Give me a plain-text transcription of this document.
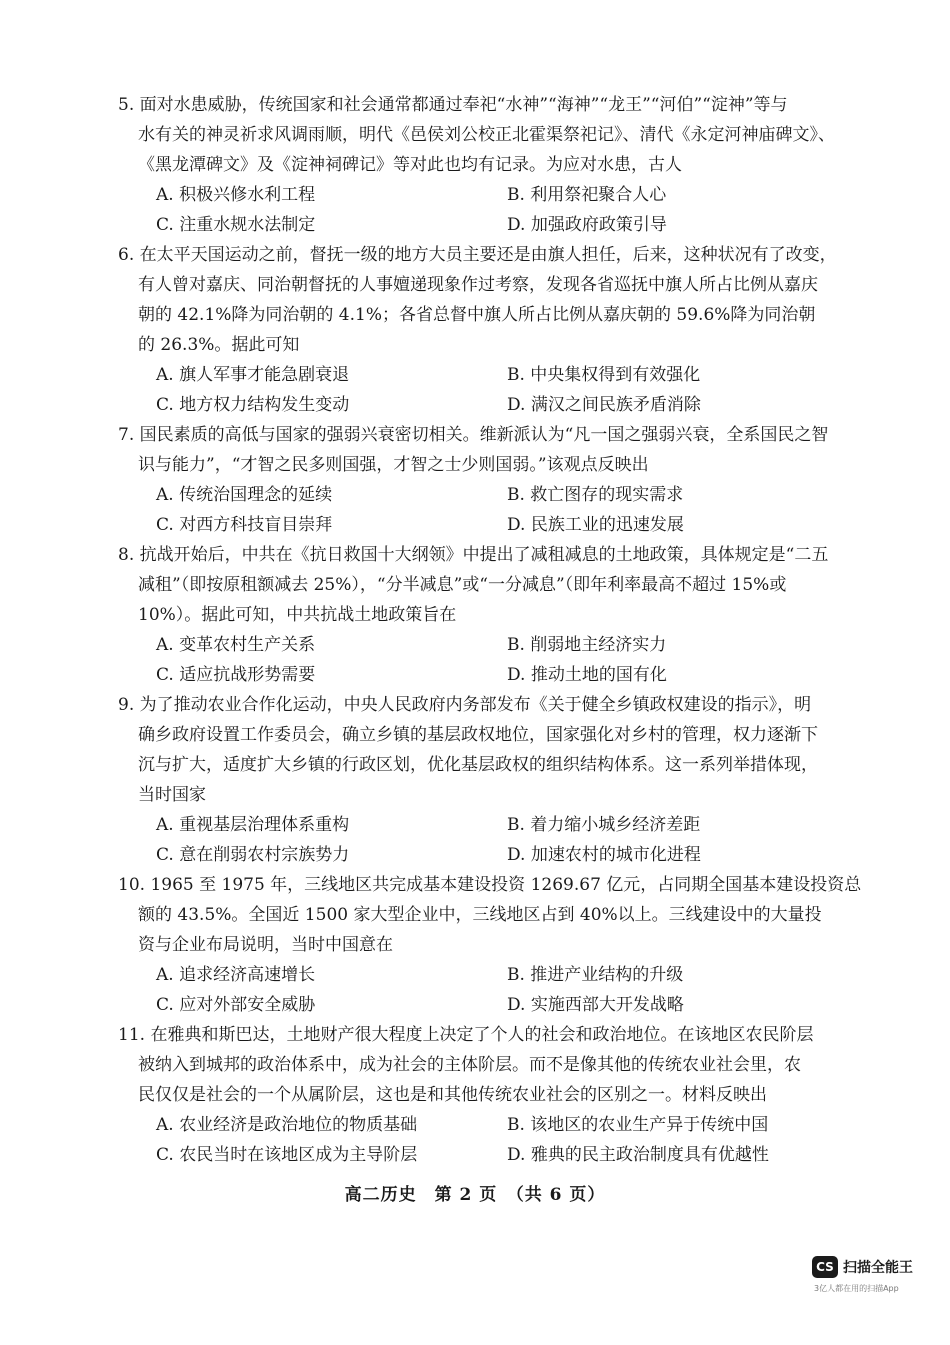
5. 面对水患威胁，传统国家和社会通常都通过奉祀“水神”“海神”“龙王”“河伯”“淀神”等与
水有关的神灵祈求风调雨顺，明代《邑侯刘公校正北霍渠祭祀记》、清代《永定河神庙碑文》、
《黑龙潭碑文》及《淀神祠碑记》等对此也均有记录。为应对水患，古人
A. 积极兴修水利工程	B. 利用祭祀聚合人心
C. 注重水规水法制定	D. 加强政府政策引导
6. 在太平天国运动之前，督抚一级的地方大员主要还是由旗人担任，后来，这种状况有了改变，
有人曾对嘉庆、同治朝督抚的人事嬗递现象作过考察，发现各省巡抚中旗人所占比例从嘉庆
朝的 42.1%降为同治朝的 4.1%；各省总督中旗人所占比例从嘉庆朝的 59.6%降为同治朝
的 26.3%。据此可知
A. 旗人军事才能急剧衰退	B. 中央集权得到有效强化
C. 地方权力结构发生变动	D. 满汉之间民族矛盾消除
7. 国民素质的高低与国家的强弱兴衰密切相关。维新派认为“凡一国之强弱兴衰，全系国民之智
识与能力”，“才智之民多则国强，才智之士少则国弱。”该观点反映出
A. 传统治国理念的延续	B. 救亡图存的现实需求
C. 对西方科技盲目崇拜	D. 民族工业的迅速发展
8. 抗战开始后，中共在《抗日救国十大纲领》中提出了减租减息的土地政策，具体规定是“二五
减租”（即按原租额减去 25%），“分半减息”或“一分减息”（即年利率最高不超过 15%或
10%）。据此可知，中共抗战土地政策旨在
A. 变革农村生产关系	B. 削弱地主经济实力
C. 适应抗战形势需要	D. 推动土地的国有化
9. 为了推动农业合作化运动，中央人民政府内务部发布《关于健全乡镇政权建设的指示》，明
确乡政府设置工作委员会，确立乡镇的基层政权地位，国家强化对乡村的管理，权力逐渐下
沉与扩大，适度扩大乡镇的行政区划，优化基层政权的组织结构体系。这一系列举措体现，
当时国家
A. 重视基层治理体系重构	B. 着力缩小城乡经济差距
C. 意在削弱农村宗族势力	D. 加速农村的城市化进程
10. 1965 至 1975 年，三线地区共完成基本建设投资 1269.67 亿元，占同期全国基本建设投资总
额的 43.5%。全国近 1500 家大型企业中，三线地区占到 40%以上。三线建设中的大量投
资与企业布局说明，当时中国意在
A. 追求经济高速增长	B. 推进产业结构的升级
C. 应对外部安全威胁	D. 实施西部大开发战略
11. 在雅典和斯巴达，土地财产很大程度上决定了个人的社会和政治地位。在该地区农民阶层
被纳入到城邦的政治体系中，成为社会的主体阶层。而不是像其他的传统农业社会里，农
民仅仅是社会的一个从属阶层，这也是和其他传统农业社会的区别之一。材料反映出
A. 农业经济是政治地位的物质基础	B. 该地区的农业生产异于传统中国
C. 农民当时在该地区成为主导阶层	D. 雅典的民主政治制度具有优越性
高二历史　第 2 页　（共 6 页）
CS 扫描全能王
3亿人都在用的扫描App
